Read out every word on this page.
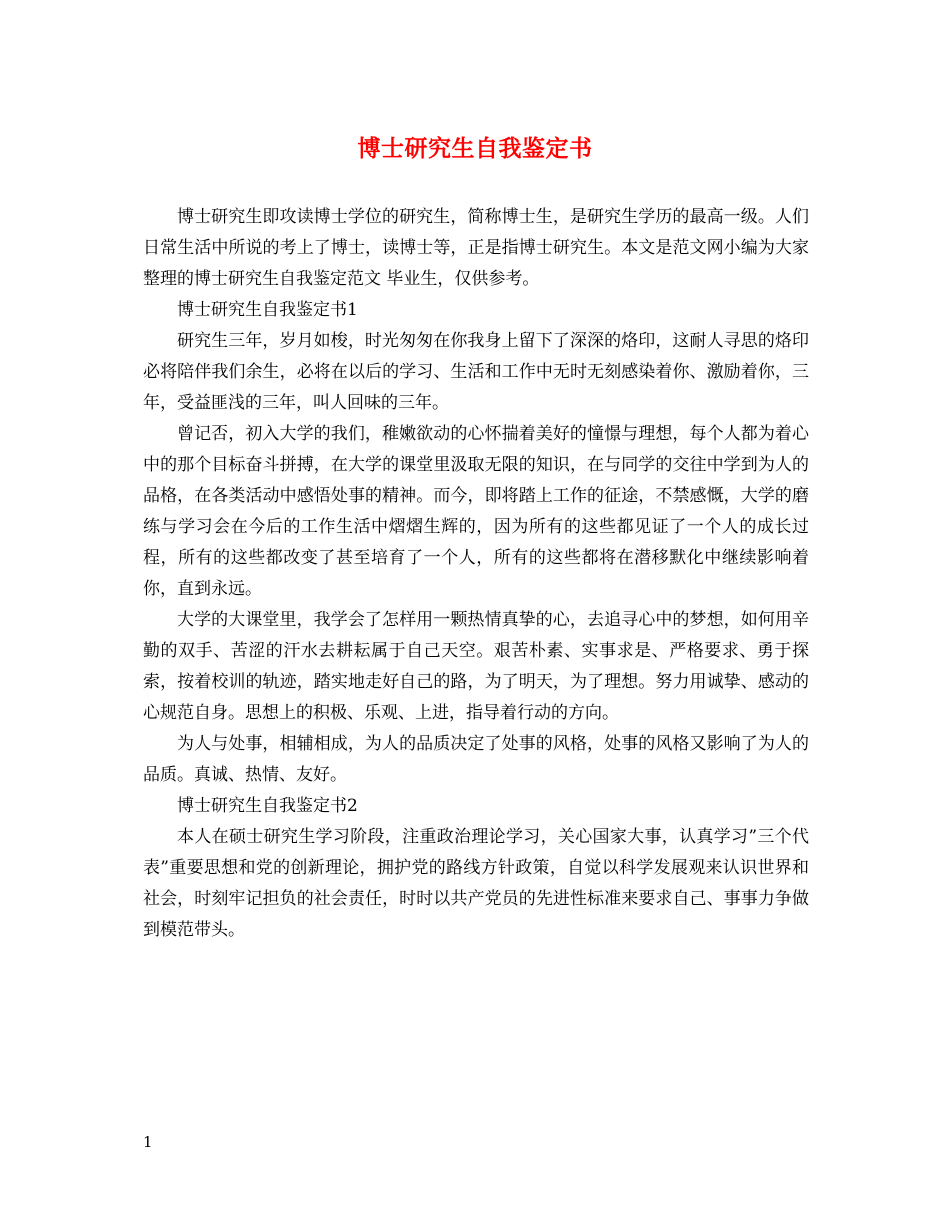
博士研究生自我鉴定书

博士研究生即攻读博士学位的研究生，简称博士生，是研究生学历的最高一级。人们日常生活中所说的考上了博士，读博士等，正是指博士研究生。本文是范文网小编为大家整理的博士研究生自我鉴定范文 毕业生，仅供参考。

博士研究生自我鉴定书1

研究生三年，岁月如梭，时光匆匆在你我身上留下了深深的烙印，这耐人寻思的烙印必将陪伴我们余生，必将在以后的学习、生活和工作中无时无刻感染着你、激励着你，三年，受益匪浅的三年，叫人回味的三年。

曾记否，初入大学的我们，稚嫩欲动的心怀揣着美好的憧憬与理想，每个人都为着心中的那个目标奋斗拼搏，在大学的课堂里汲取无限的知识，在与同学的交往中学到为人的品格，在各类活动中感悟处事的精神。而今，即将踏上工作的征途，不禁感慨，大学的磨练与学习会在今后的工作生活中熠熠生辉的，因为所有的这些都见证了一个人的成长过程，所有的这些都改变了甚至培育了一个人，所有的这些都将在潜移默化中继续影响着你，直到永远。

大学的大课堂里，我学会了怎样用一颗热情真挚的心，去追寻心中的梦想，如何用辛勤的双手、苦涩的汗水去耕耘属于自己天空。艰苦朴素、实事求是、严格要求、勇于探索，按着校训的轨迹，踏实地走好自己的路，为了明天，为了理想。努力用诚挚、感动的心规范自身。思想上的积极、乐观、上进，指导着行动的方向。

为人与处事，相辅相成，为人的品质决定了处事的风格，处事的风格又影响了为人的品质。真诚、热情、友好。

博士研究生自我鉴定书2

本人在硕士研究生学习阶段，注重政治理论学习，关心国家大事，认真学习”三个代表”重要思想和党的创新理论，拥护党的路线方针政策，自觉以科学发展观来认识世界和社会，时刻牢记担负的社会责任，时时以共产党员的先进性标准来要求自己、事事力争做到模范带头。

1
